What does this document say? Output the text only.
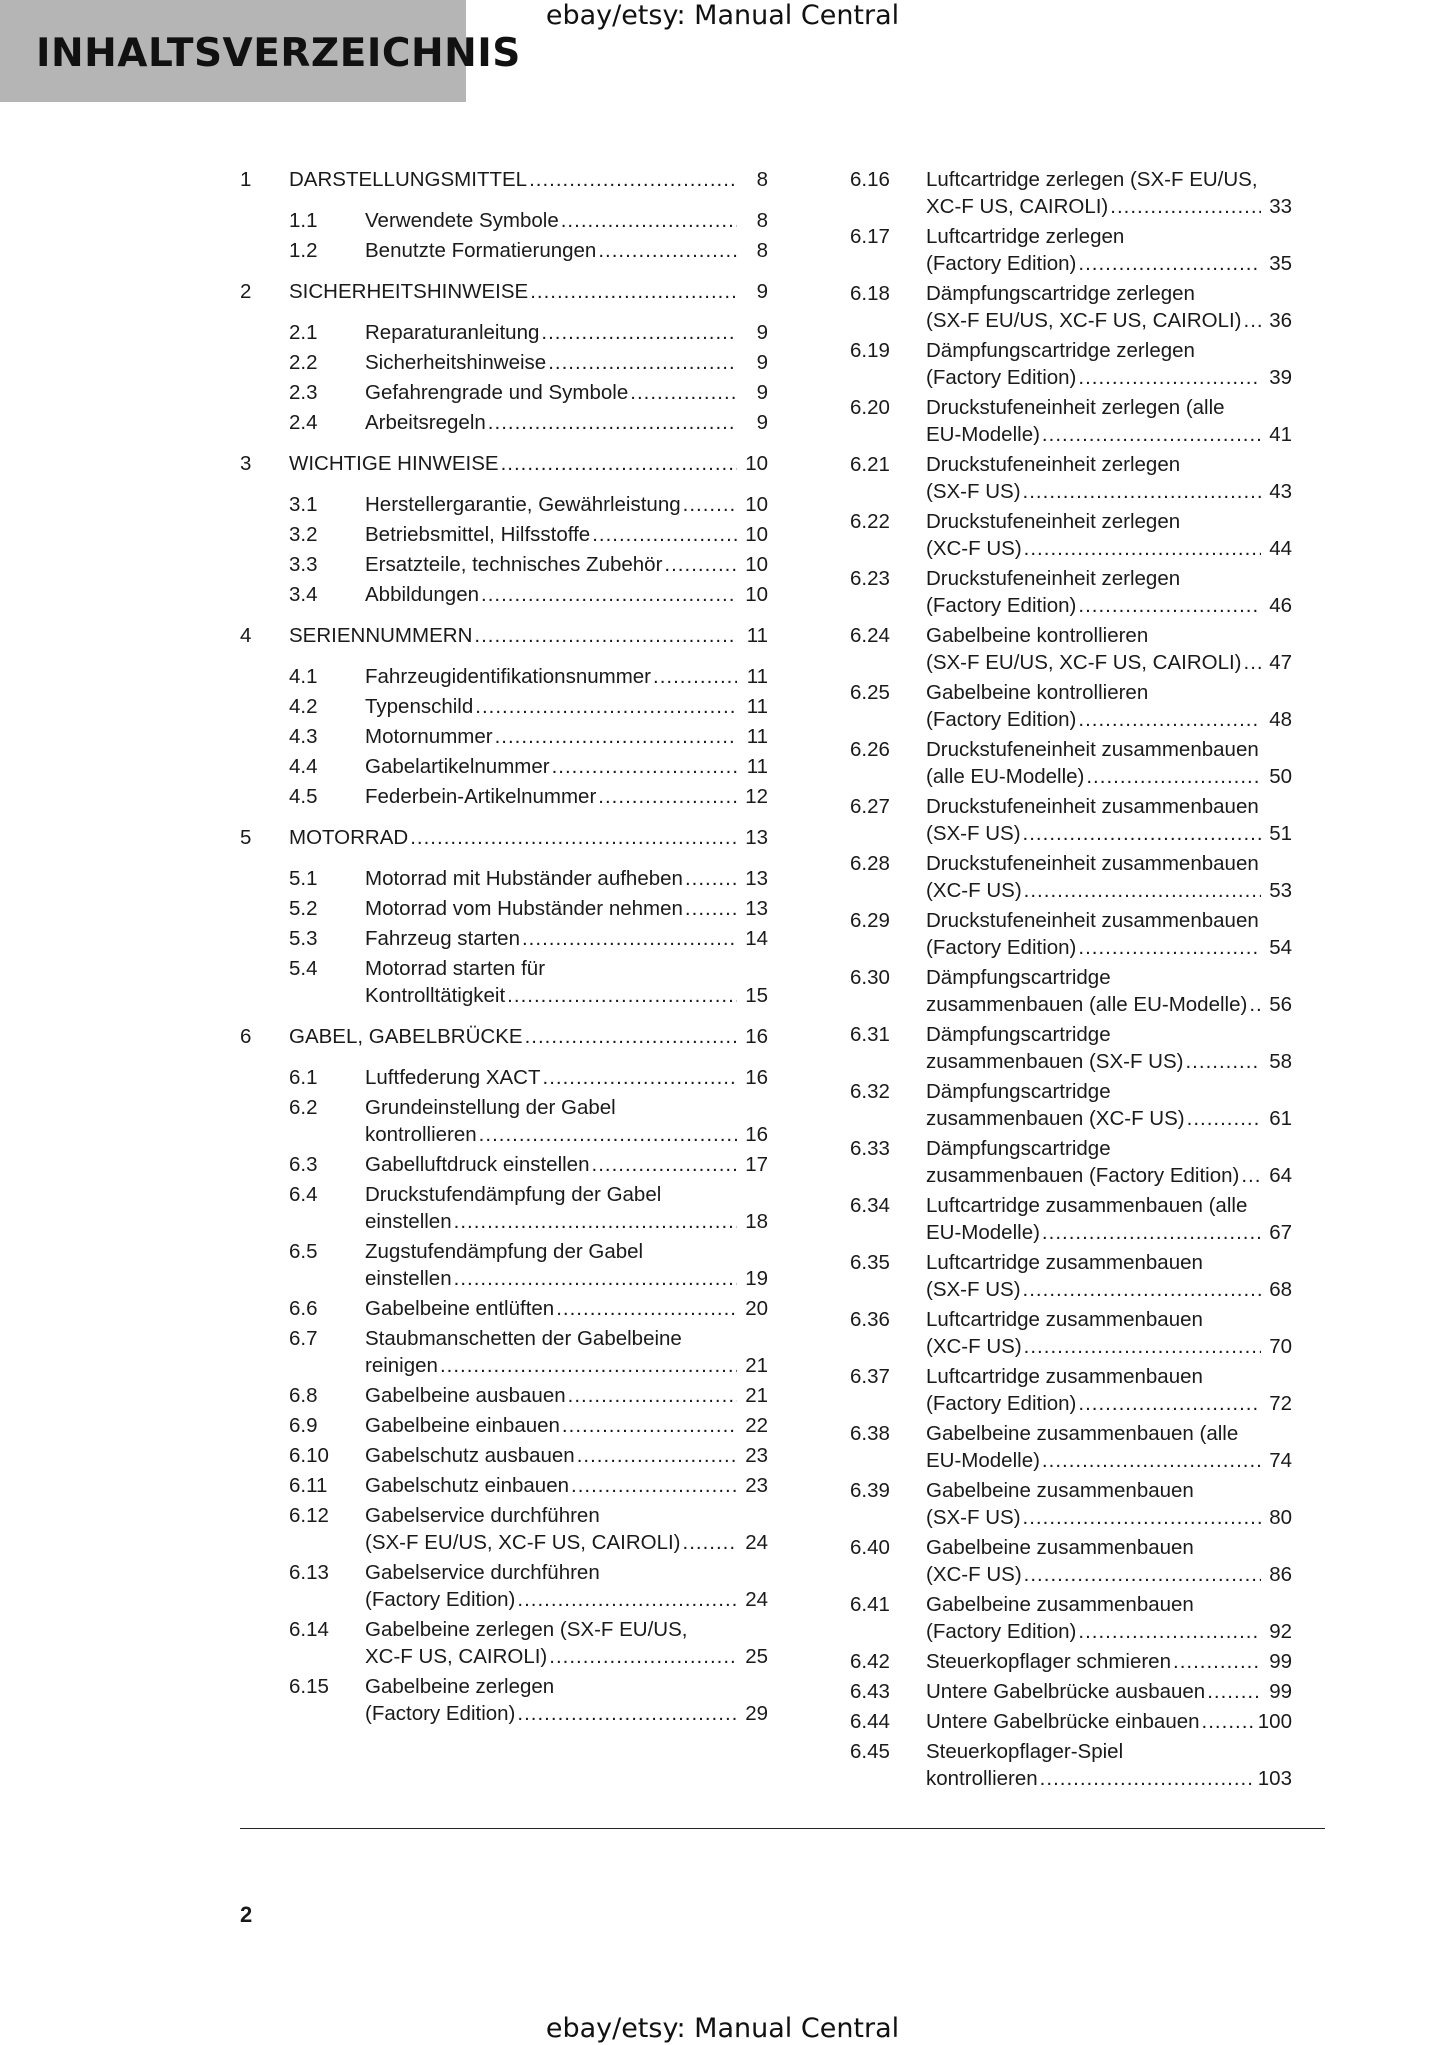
INHALTSVERZEICHNIS
ebay/etsy: Manual Central
1 DARSTELLUNGSMITTEL .....	8
1.1 Verwendete Symbole .....	8
1.2 Benutzte Formatierungen .....	8
2 SICHERHEITSHINWEISE .....	9
2.1 Reparaturanleitung .....	9
2.2 Sicherheitshinweise .....	9
2.3 Gefahrengrade und Symbole .....	9
2.4 Arbeitsregeln .....	9
3 WICHTIGE HINWEISE .....	10
3.1 Herstellergarantie, Gewährleistung .....	10
3.2 Betriebsmittel, Hilfsstoffe .....	10
3.3 Ersatzteile, technisches Zubehör .....	10
3.4 Abbildungen .....	10
4 SERIENNUMMERN .....	11
4.1 Fahrzeugidentifikationsnummer .....	11
4.2 Typenschild .....	11
4.3 Motornummer .....	11
4.4 Gabelartikelnummer .....	11
4.5 Federbein-Artikelnummer .....	12
5 MOTORRAD .....	13
5.1 Motorrad mit Hubständer aufheben .....	13
5.2 Motorrad vom Hubständer nehmen .....	13
5.3 Fahrzeug starten .....	14
5.4 Motorrad starten für
Kontrolltätigkeit .....	15
6 GABEL, GABELBRÜCKE .....	16
6.1 Luftfederung XACT .....	16
6.2 Grundeinstellung der Gabel
kontrollieren .....	16
6.3 Gabelluftdruck einstellen .....	17
6.4 Druckstufendämpfung der Gabel
einstellen .....	18
6.5 Zugstufendämpfung der Gabel
einstellen .....	19
6.6 Gabelbeine entlüften .....	20
6.7 Staubmanschetten der Gabelbeine
reinigen .....	21
6.8 Gabelbeine ausbauen .....	21
6.9 Gabelbeine einbauen .....	22
6.10 Gabelschutz ausbauen .....	23
6.11 Gabelschutz einbauen .....	23
6.12 Gabelservice durchführen
(SX-F EU/US, XC-F US, CAIROLI) .....	24
6.13 Gabelservice durchführen
(Factory Edition) .....	24
6.14 Gabelbeine zerlegen (SX-F EU/US,
XC-F US, CAIROLI) .....	25
6.15 Gabelbeine zerlegen
(Factory Edition) .....	29
6.16 Luftcartridge zerlegen (SX-F EU/US,
XC-F US, CAIROLI) .....	33
6.17 Luftcartridge zerlegen
(Factory Edition) .....	35
6.18 Dämpfungscartridge zerlegen
(SX-F EU/US, XC-F US, CAIROLI) ..... 36
6.19 Dämpfungscartridge zerlegen
(Factory Edition) .....	39
6.20 Druckstufeneinheit zerlegen (alle
EU-Modelle) .....	41
6.21 Druckstufeneinheit zerlegen
(SX-F US) .....	43
6.22 Druckstufeneinheit zerlegen
(XC-F US) .....	44
6.23 Druckstufeneinheit zerlegen
(Factory Edition) .....	46
6.24 Gabelbeine kontrollieren
(SX-F EU/US, XC-F US, CAIROLI) ..... 47
6.25 Gabelbeine kontrollieren
(Factory Edition) .....	48
6.26 Druckstufeneinheit zusammenbauen
(alle EU-Modelle) .....	50
6.27 Druckstufeneinheit zusammenbauen
(SX-F US) .....	51
6.28 Druckstufeneinheit zusammenbauen
(XC-F US) .....	53
6.29 Druckstufeneinheit zusammenbauen
(Factory Edition) .....	54
6.30 Dämpfungscartridge
zusammenbauen (alle EU-Modelle) ..... 56
6.31 Dämpfungscartridge
zusammenbauen (SX-F US) .....	58
6.32 Dämpfungscartridge
zusammenbauen (XC-F US) .....	61
6.33 Dämpfungscartridge
zusammenbauen (Factory Edition) ..... 64
6.34 Luftcartridge zusammenbauen (alle
EU-Modelle) .....	67
6.35 Luftcartridge zusammenbauen
(SX-F US) .....	68
6.36 Luftcartridge zusammenbauen
(XC-F US) .....	70
6.37 Luftcartridge zusammenbauen
(Factory Edition) .....	72
6.38 Gabelbeine zusammenbauen (alle
EU-Modelle) .....	74
6.39 Gabelbeine zusammenbauen
(SX-F US) .....	80
6.40 Gabelbeine zusammenbauen
(XC-F US) .....	86
6.41 Gabelbeine zusammenbauen
(Factory Edition) .....	92
6.42 Steuerkopflager schmieren .....	99
6.43 Untere Gabelbrücke ausbauen .....	99
6.44 Untere Gabelbrücke einbauen .....	100
6.45 Steuerkopflager-Spiel
kontrollieren .....	103
2
ebay/etsy: Manual Central
